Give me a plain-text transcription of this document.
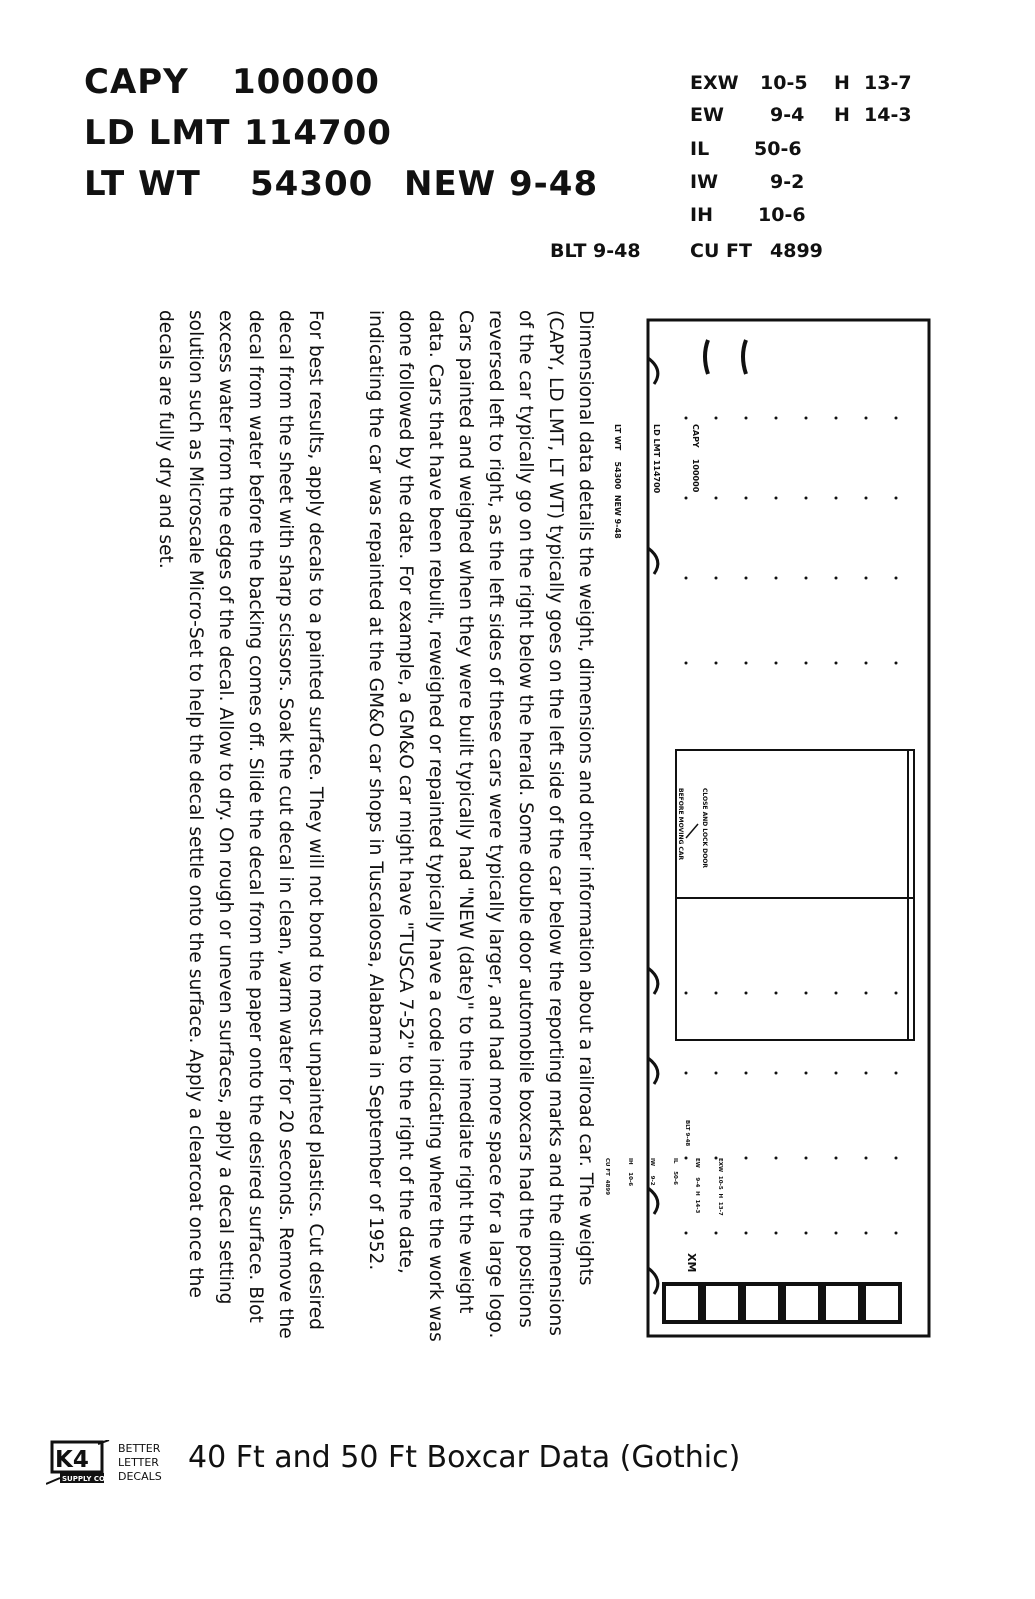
CAPY 100000
LD LMT 114700
LT WT 54300 NEW 9-48
BLT 9-48
EXW 10-5 H 13-7
EW 9-4 H 14-3
IL 50-6
IW	9-2
IH 10-6
CU FT 4899

Dimensional data details the weight, dimensions and other information about a railroad car. The weights (CAPY, LD LMT, LT WT) typically goes on the left side of the car below the reporting marks and the dimensions of the car typically go on the right below the herald. Some double door automobile boxcars had the positions reversed left to right, as the left sides of these cars were typically larger, and had more space for a large logo. Cars painted and weighed when they were built typically had "NEW (date)" to the imediate right the weight data. Cars that have been rebuilt, reweighed or repainted typically have a code indicating where the work was done followed by the date. For example, a GM&O car might have "TUSCA 7-52" to the right of the date, indicating the car was repainted at the GM&O car shops in Tuscaloosa, Alabama in September of 1952.

For best results, apply decals to a painted surface. They will not bond to most unpainted plastics. Cut desired decal from the sheet with sharp scissors. Soak the cut decal in clean, warm water for 20 seconds. Remove the decal from water before the backing comes off. Slide the decal from the paper onto the desired surface. Blot excess water from the edges of the decal. Allow to dry. On rough or uneven surfaces, apply a decal setting solution such as Microscale Micro-Set to help the decal settle onto the surface. Apply a clearcoat once the decals are fully dry and set.

	CAPY    100000

LD LMT 114700

LT WT    54300  NEW 9-48

CLOSE AND LOCK DOOR

BEFORE MOVING CAR

EXW  10-5  H  13-7

EW     9-4  H  14-3

IL    50-6

IW     9-2

IH    10-6

CU FT  4899

BLT 9-48
XM
K4
SUPPLY CO.
BETTER
LETTER
DECALS
40 Ft and 50 Ft Boxcar Data (Gothic)
